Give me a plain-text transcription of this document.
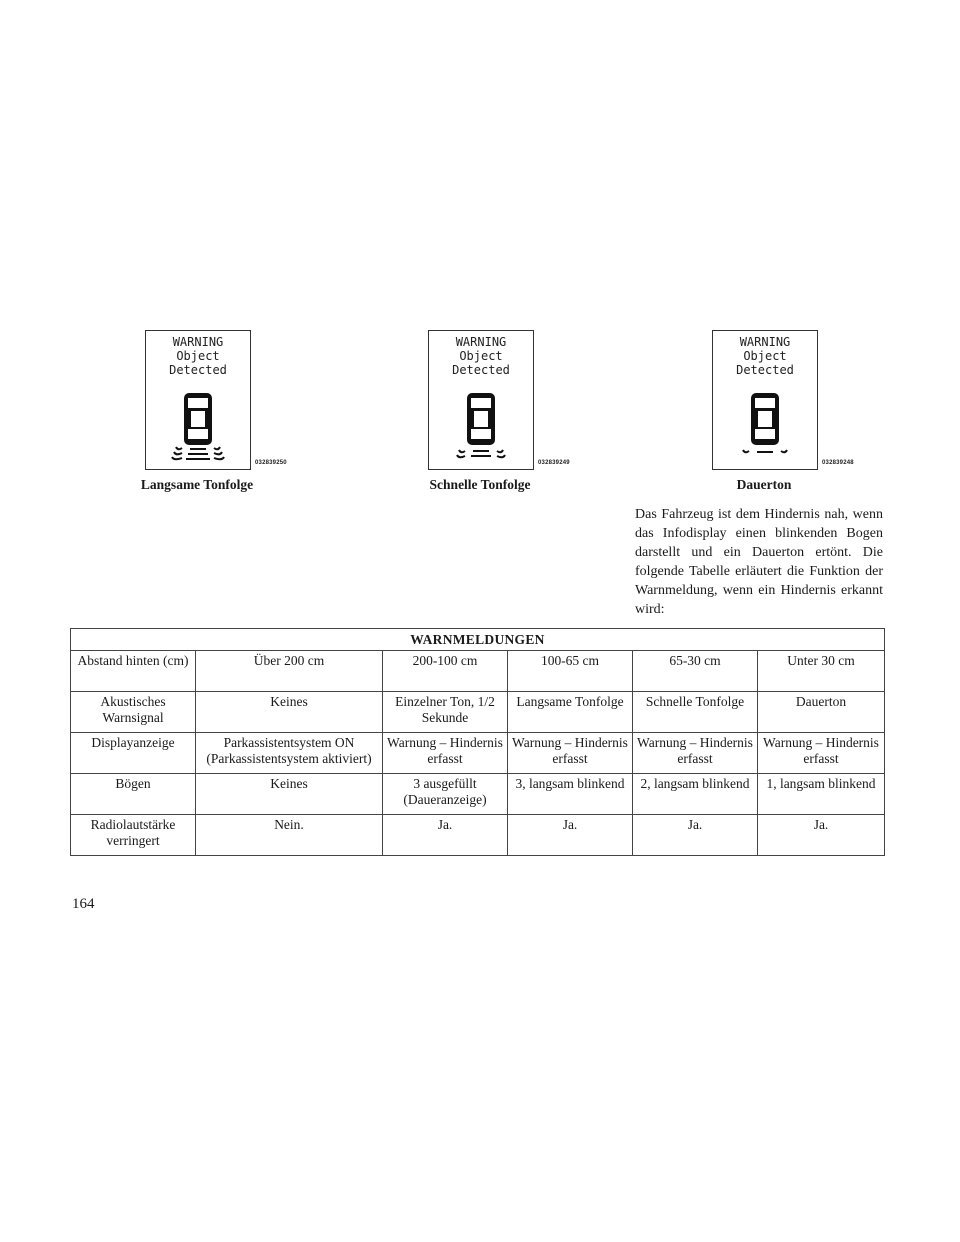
WARNING
Object
Detected
032839250
Langsame Tonfolge
WARNING
Object
Detected
032839249
Schnelle Tonfolge
WARNING
Object
Detected
032839248
Dauerton
Das Fahrzeug ist dem Hindernis nah, wenn das Infodisplay einen blinkenden Bogen darstellt und ein Dauerton ertönt. Die folgende Tabelle erläutert die Funktion der Warnmeldung, wenn ein Hindernis erkannt wird:
WARNMELDUNGEN					
Abstand hinten (cm)	Über 200 cm	200-100 cm	100-65 cm	65-30 cm	Unter 30 cm
Akustisches Warnsignal	Keines	Einzelner Ton, 1/2 Sekunde	Langsame Tonfolge	Schnelle Tonfolge	Dauerton
Displayanzeige	Parkassistentsystem ON (Parkassistentsystem aktiviert)	Warnung – Hindernis erfasst	Warnung – Hindernis erfasst	Warnung – Hindernis erfasst	Warnung – Hindernis erfasst
Bögen	Keines	3 ausgefüllt (Daueranzeige)	3, langsam blinkend	2, langsam blinkend	1, langsam blinkend
Radiolautstärke verringert	Nein.	Ja.	Ja.	Ja.	Ja.
164
